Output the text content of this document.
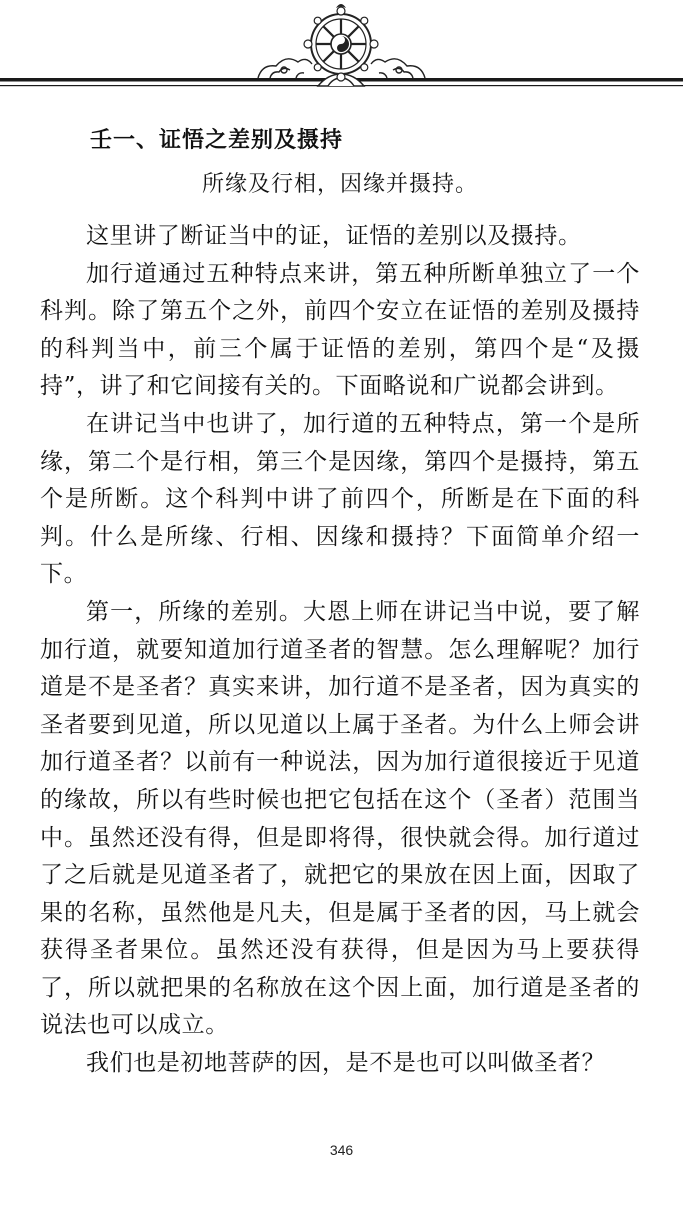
壬一、证悟之差别及摄持
所缘及行相，因缘并摄持。

这里讲了断证当中的证，证悟的差别以及摄持。

加行道通过五种特点来讲，第五种所断单独立了一个科判。除了第五个之外，前四个安立在证悟的差别及摄持的科判当中，前三个属于证悟的差别，第四个是“及摄持”，讲了和它间接有关的。下面略说和广说都会讲到。

在讲记当中也讲了，加行道的五种特点，第一个是所缘，第二个是行相，第三个是因缘，第四个是摄持，第五个是所断。这个科判中讲了前四个，所断是在下面的科判。什么是所缘、行相、因缘和摄持？下面简单介绍一下。

第一，所缘的差别。大恩上师在讲记当中说，要了解加行道，就要知道加行道圣者的智慧。怎么理解呢？加行道是不是圣者？真实来讲，加行道不是圣者，因为真实的圣者要到见道，所以见道以上属于圣者。为什么上师会讲加行道圣者？以前有一种说法，因为加行道很接近于见道的缘故，所以有些时候也把它包括在这个（圣者）范围当中。虽然还没有得，但是即将得，很快就会得。加行道过了之后就是见道圣者了，就把它的果放在因上面，因取了果的名称，虽然他是凡夫，但是属于圣者的因，马上就会获得圣者果位。虽然还没有获得，但是因为马上要获得了，所以就把果的名称放在这个因上面，加行道是圣者的说法也可以成立。

我们也是初地菩萨的因，是不是也可以叫做圣者？

346
